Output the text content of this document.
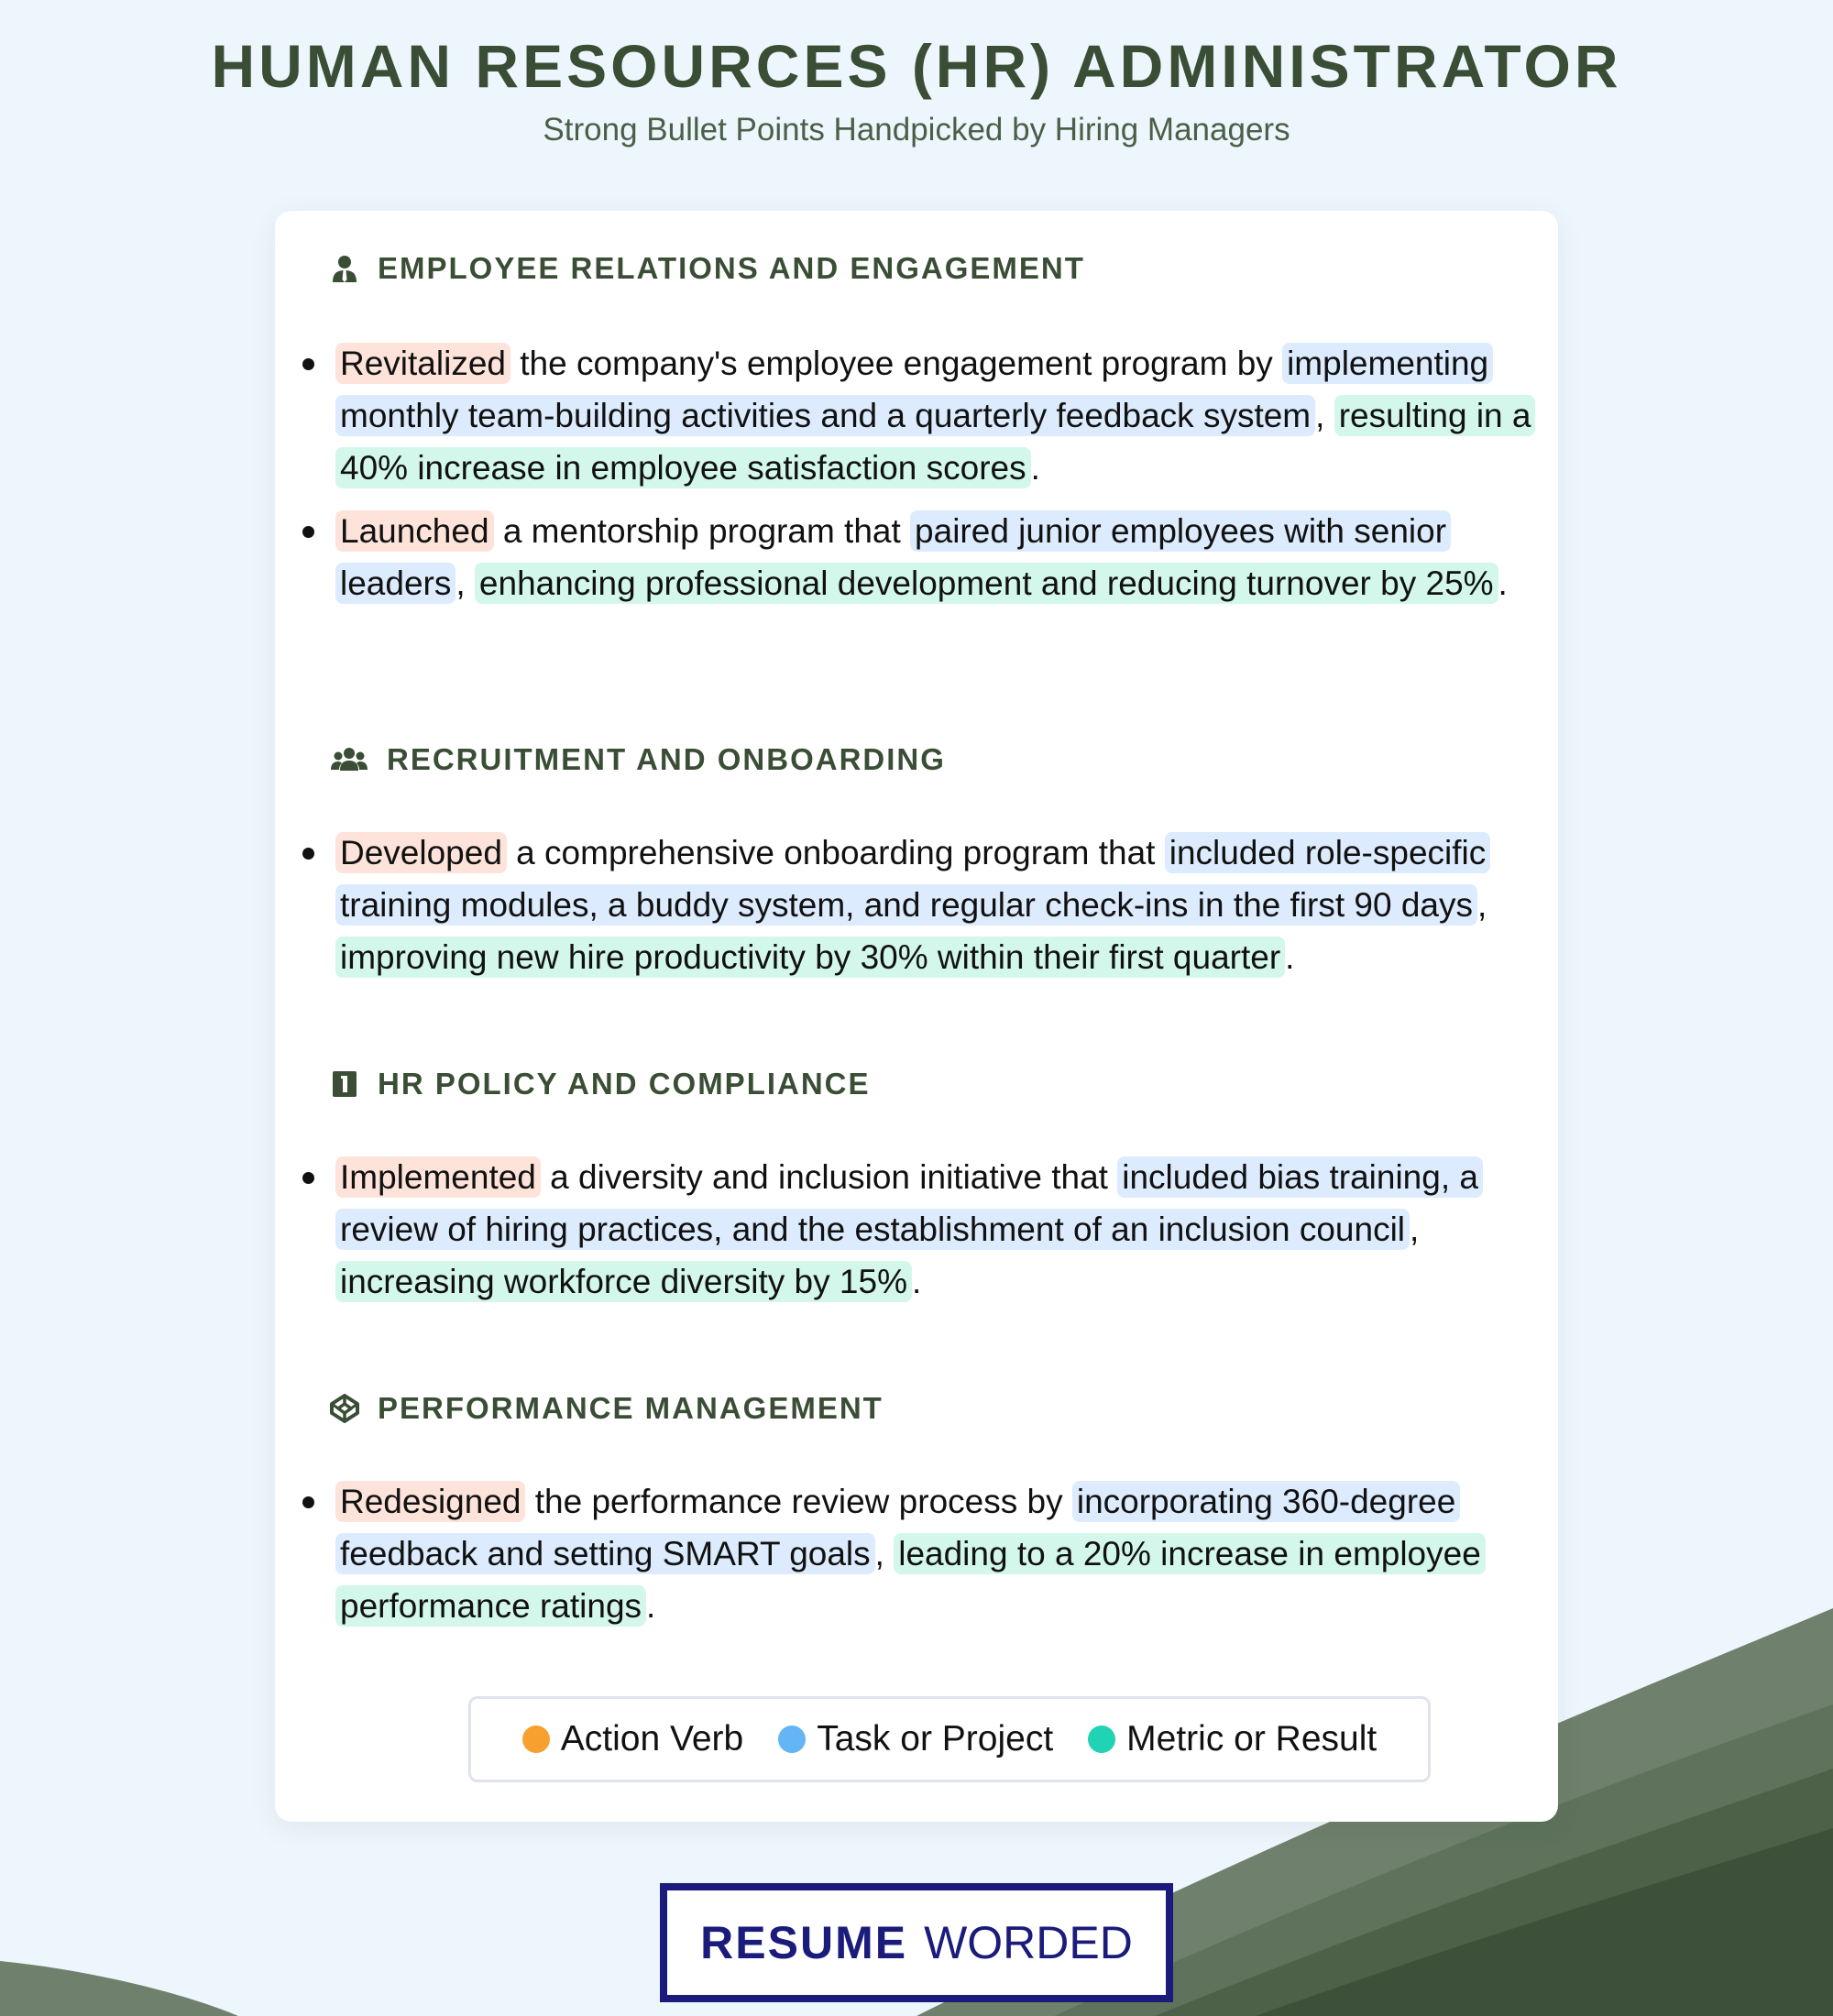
HUMAN RESOURCES (HR) ADMINISTRATOR
Strong Bullet Points Handpicked by Hiring Managers
EMPLOYEE RELATIONS AND ENGAGEMENT
Revitalized the company's employee engagement program by implementing monthly team-building activities and a quarterly feedback system , resulting in a 40% increase in employee satisfaction scores .
Launched a mentorship program that paired junior employees with senior leaders , enhancing professional development and reducing turnover by 25% .
RECRUITMENT AND ONBOARDING
Developed a comprehensive onboarding program that included role-specific training modules, a buddy system, and regular check-ins in the first 90 days , improving new hire productivity by 30% within their first quarter .
HR POLICY AND COMPLIANCE
Implemented a diversity and inclusion initiative that included bias training, a review of hiring practices, and the establishment of an inclusion council , increasing workforce diversity by 15% .
PERFORMANCE MANAGEMENT
Redesigned the performance review process by incorporating 360-degree feedback and setting SMART goals , leading to a 20% increase in employee performance ratings .
Action Verb Task or Project Metric or Result
RESUME WORDED
